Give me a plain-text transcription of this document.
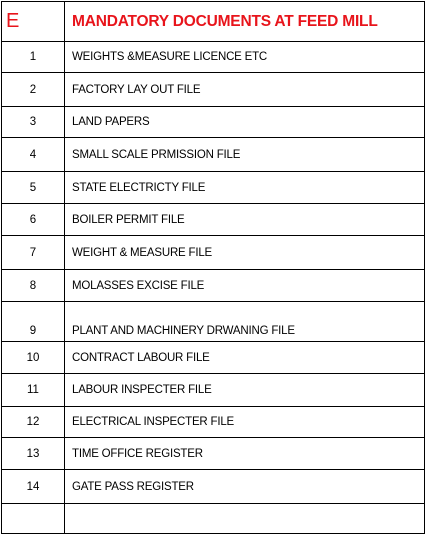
E	MANDATORY DOCUMENTS AT FEED MILL
1	WEIGHTS &MEASURE LICENCE ETC
2	FACTORY LAY OUT FILE
3	LAND PAPERS
4	SMALL SCALE PRMISSION FILE
5	STATE ELECTRICTY FILE
6	BOILER PERMIT FILE
7	WEIGHT & MEASURE FILE
8	MOLASSES EXCISE FILE
9	PLANT AND MACHINERY DRWANING FILE
10	CONTRACT LABOUR FILE
11	LABOUR INSPECTER FILE
12	ELECTRICAL INSPECTER FILE
13	TIME OFFICE REGISTER
14	GATE PASS REGISTER
